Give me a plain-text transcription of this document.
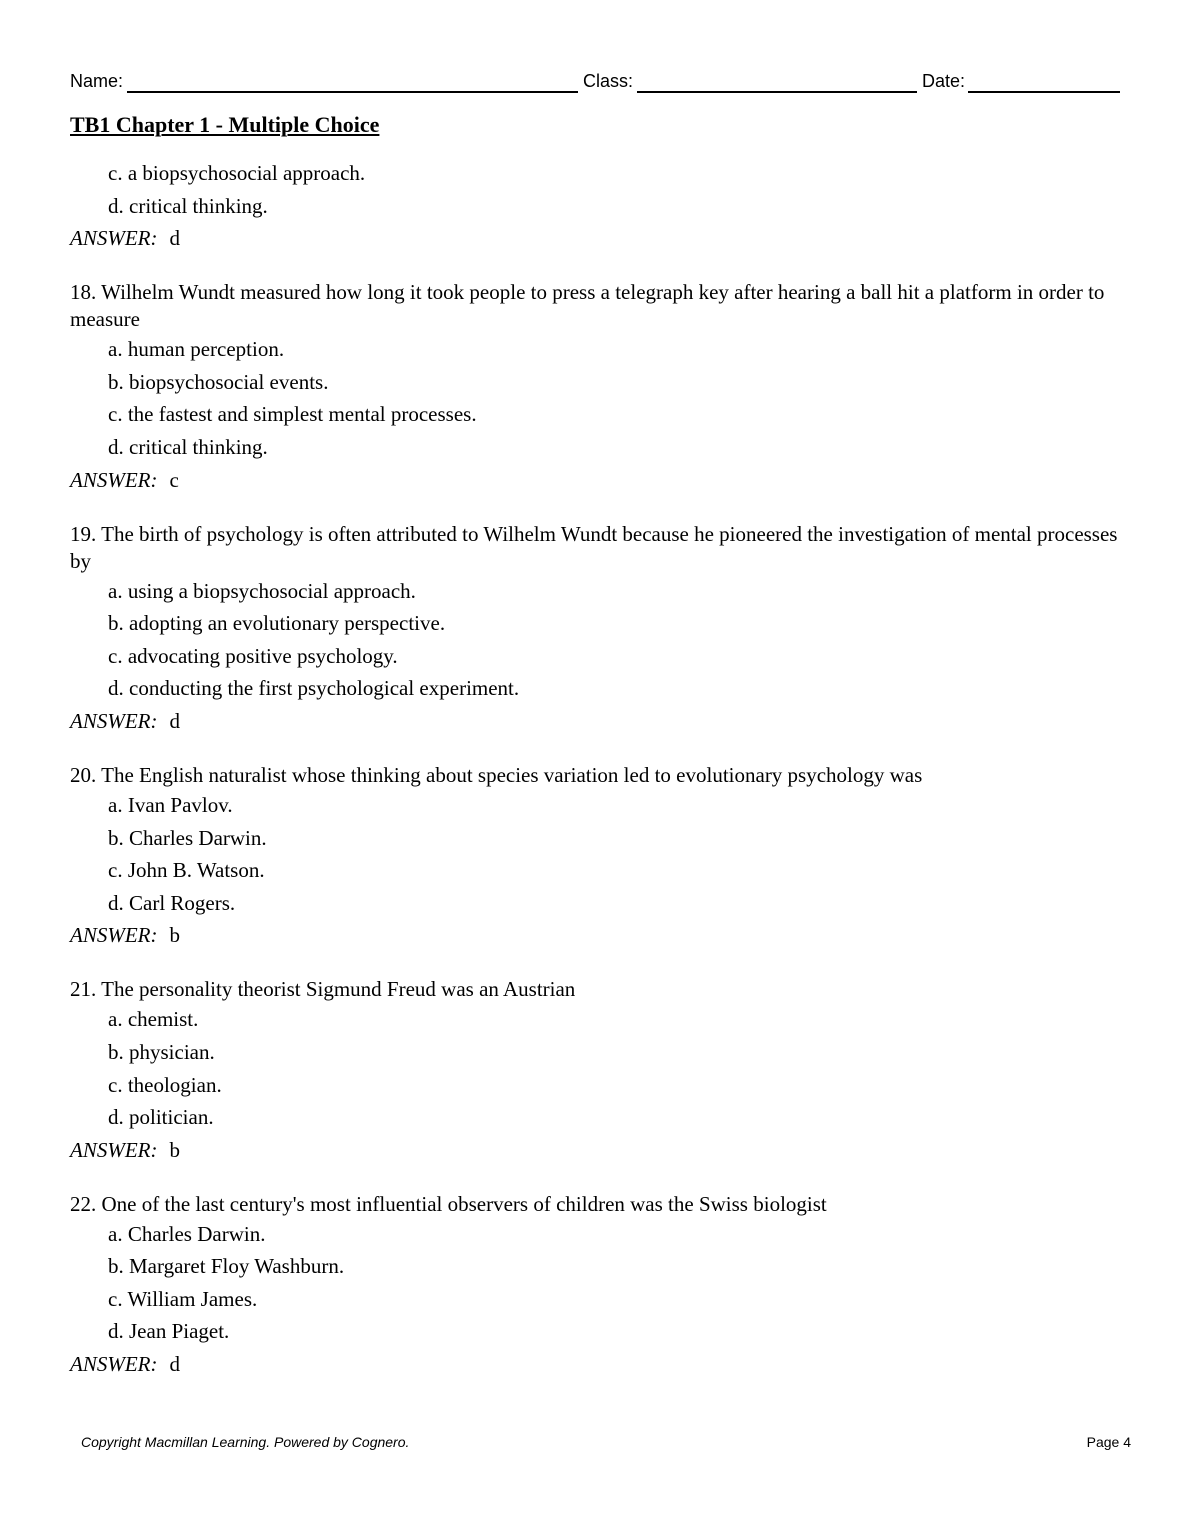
Name:	Class:	Date:
TB1 Chapter 1 - Multiple Choice
c. a biopsychosocial approach.
d. critical thinking.
ANSWER: d
18. Wilhelm Wundt measured how long it took people to press a telegraph key after hearing a ball hit a platform in order to measure
a. human perception.
b. biopsychosocial events.
c. the fastest and simplest mental processes.
d. critical thinking.
ANSWER: c
19. The birth of psychology is often attributed to Wilhelm Wundt because he pioneered the investigation of mental processes by
a. using a biopsychosocial approach.
b. adopting an evolutionary perspective.
c. advocating positive psychology.
d. conducting the first psychological experiment.
ANSWER: d
20. The English naturalist whose thinking about species variation led to evolutionary psychology was
a. Ivan Pavlov.
b. Charles Darwin.
c. John B. Watson.
d. Carl Rogers.
ANSWER: b
21. The personality theorist Sigmund Freud was an Austrian
a. chemist.
b. physician.
c. theologian.
d. politician.
ANSWER: b
22. One of the last century's most influential observers of children was the Swiss biologist
a. Charles Darwin.
b. Margaret Floy Washburn.
c. William James.
d. Jean Piaget.
ANSWER: d
Copyright Macmillan Learning. Powered by Cognero.	Page 4
